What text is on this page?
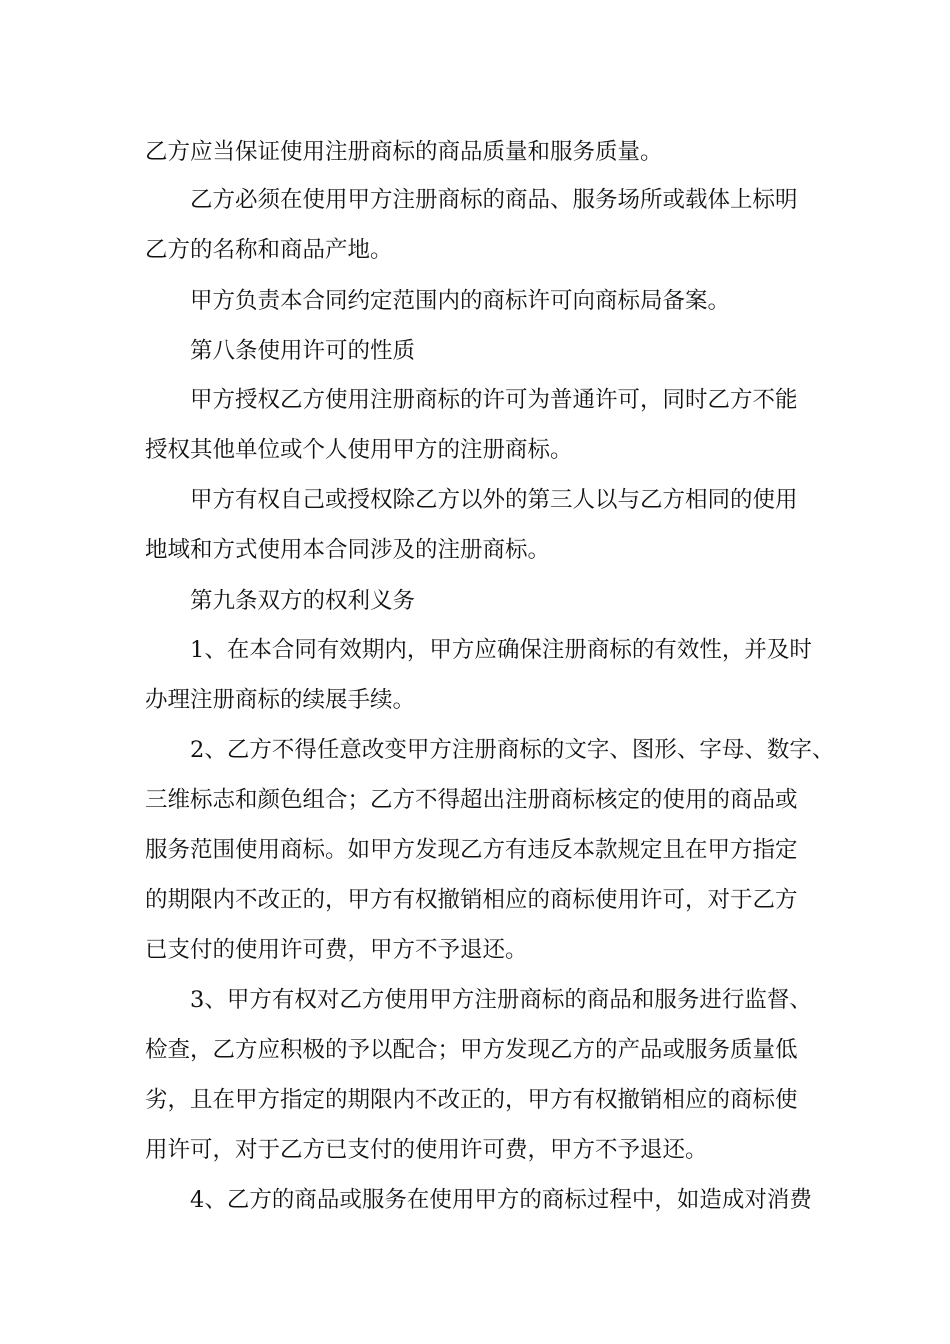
乙方应当保证使用注册商标的商品质量和服务质量。
乙方必须在使用甲方注册商标的商品、服务场所或载体上标明
乙方的名称和商品产地。
甲方负责本合同约定范围内的商标许可向商标局备案。
第八条使用许可的性质
甲方授权乙方使用注册商标的许可为普通许可，同时乙方不能
授权其他单位或个人使用甲方的注册商标。
甲方有权自己或授权除乙方以外的第三人以与乙方相同的使用
地域和方式使用本合同涉及的注册商标。
第九条双方的权利义务
1、在本合同有效期内，甲方应确保注册商标的有效性，并及时
办理注册商标的续展手续。
2、乙方不得任意改变甲方注册商标的文字、图形、字母、数字、
三维标志和颜色组合；乙方不得超出注册商标核定的使用的商品或
服务范围使用商标。如甲方发现乙方有违反本款规定且在甲方指定
的期限内不改正的，甲方有权撤销相应的商标使用许可，对于乙方
已支付的使用许可费，甲方不予退还。
3、甲方有权对乙方使用甲方注册商标的商品和服务进行监督、
检查，乙方应积极的予以配合；甲方发现乙方的产品或服务质量低
劣，且在甲方指定的期限内不改正的，甲方有权撤销相应的商标使
用许可，对于乙方已支付的使用许可费，甲方不予退还。
4、乙方的商品或服务在使用甲方的商标过程中，如造成对消费
